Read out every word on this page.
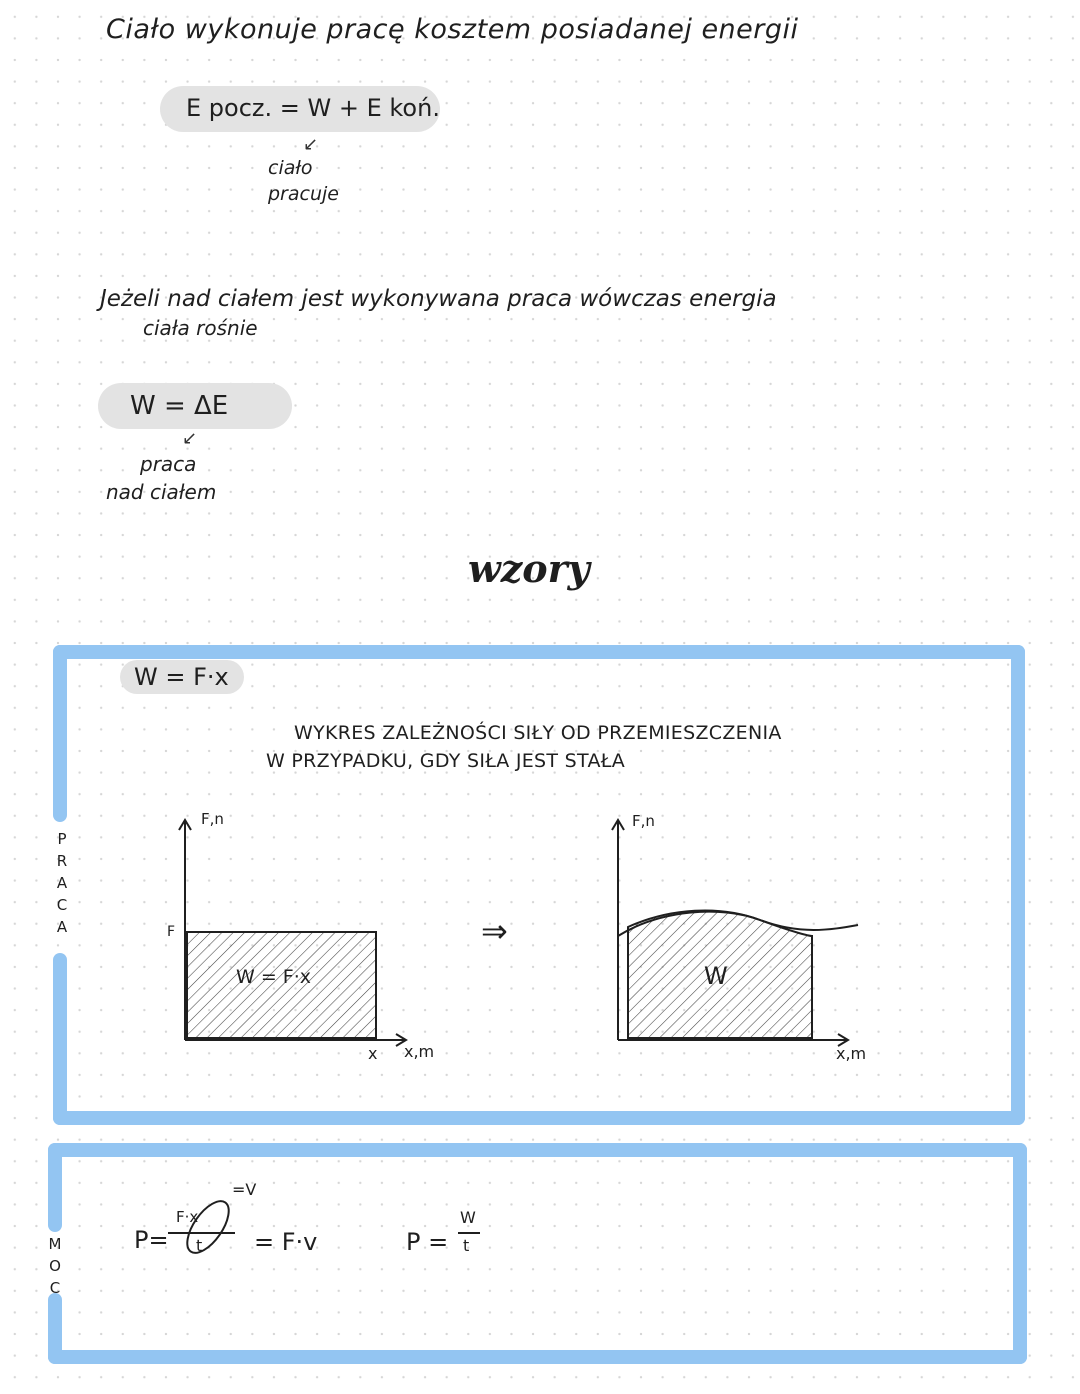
Ciało wykonuje pracę kosztem posiadanej energii
E pocz. = W + E koń.
↙
ciało
pracuje
Jeżeli nad ciałem jest wykonywana praca wówczas energia
ciała rośnie
W = ΔE
↙
praca
nad ciałem
wzory
P
R
A
C
A
M
O
C
W = F·x
WYKRES ZALEŻNOŚCI SIŁY OD PRZEMIESZCZENIA
W PRZYPADKU, GDY SIŁA JEST STAŁA
F,n
F
W = F·x
x x,m
⇒
F,n
W
x,m
P=
F·x
t
=V
= F·v	P =
W
t
